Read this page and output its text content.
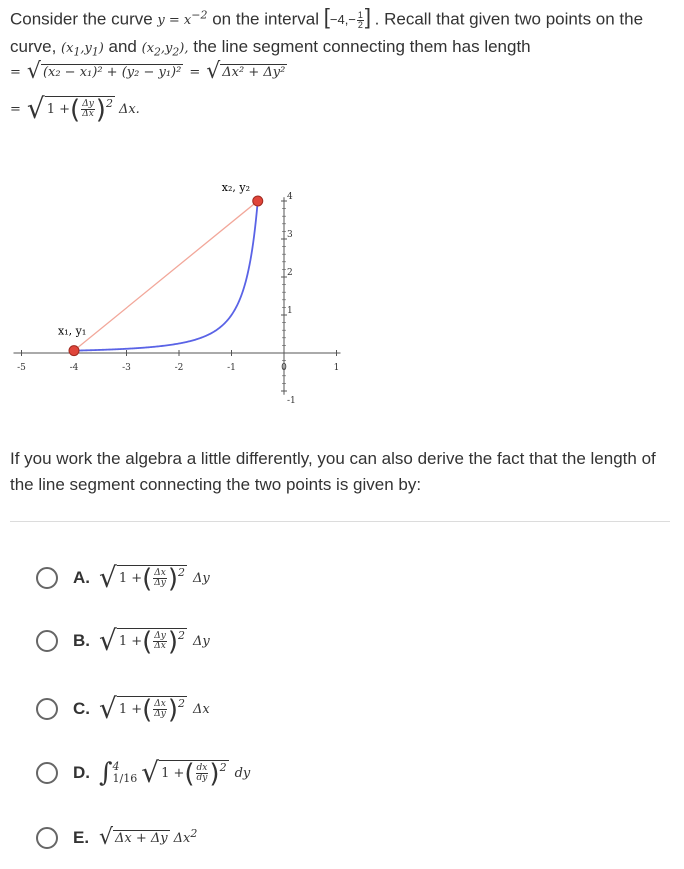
Consider the curve $y = x^{-2}$ on the interval [$-4,- \frac{1}{2}$ ] . Recall that given two points on the curve, $(x_1,y_1)$ and $(x_2,y_2)$, the line segment connecting them has length
= √ (x₂ − x₁)² + (y₂ − y₁)² = √ Δx² + Δy²
= √ 1 + ( $\frac{\Delta y}{\Delta x} )^2$ Δx.
-5	-4	-3	-2	-1	0	1
1
2
3
4
-1
x₁, y₁
x₂, y₂
If you work the algebra a little differently, you can also derive the fact that the length of the line segment connecting the two points is given by:
A. √ 1 + ( $\frac{\Delta x}{\Delta y} )^2$ Δy
B. √ 1 + ( $\frac{\Delta y}{\Delta x} )^2$ Δy
C. √ 1 + ( $\frac{\Delta x}{\Delta y} )^2$ Δx
D. ∫ 4
1/16 √ 1 + ( $\frac{dx}{dy} )^2$ dy
E. √ Δx + Δy $\Delta x^2$
